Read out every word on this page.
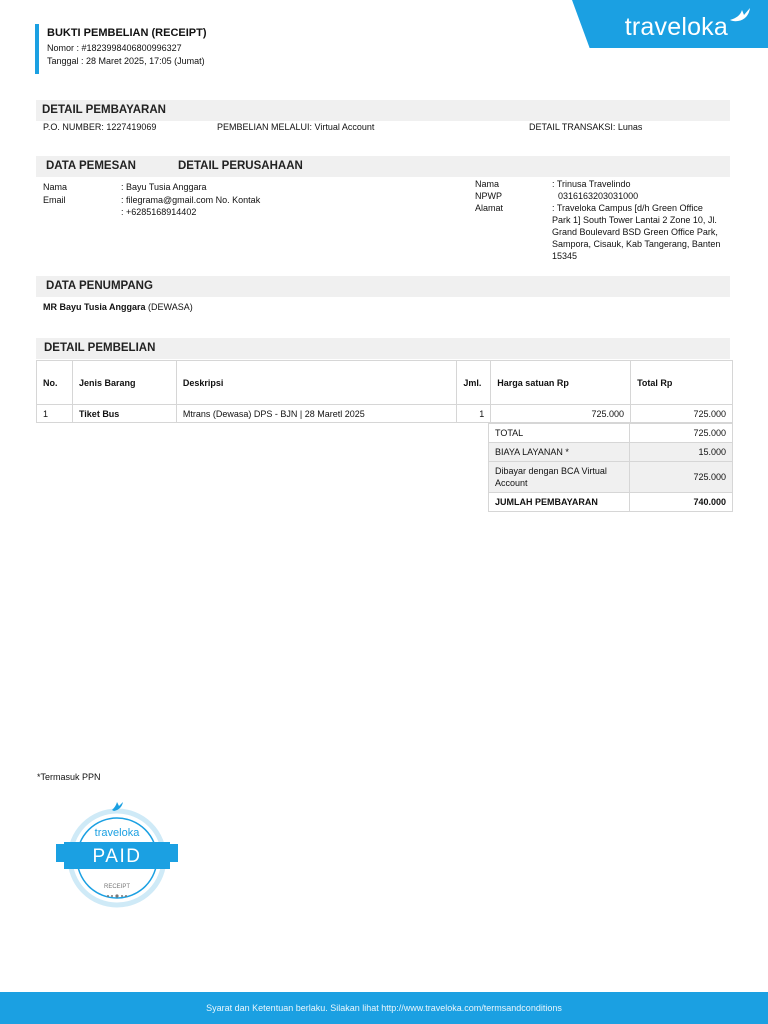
BUKTI PEMBELIAN (RECEIPT)
Nomor : #1823998406800996327
Tanggal : 28 Maret 2025, 17:05 (Jumat)
traveloka
DETAIL PEMBAYARAN
P.O. NUMBER: 1227419069	PEMBELIAN MELALUI: Virtual Account	DETAIL TRANSAKSI: Lunas
DATA PEMESAN	DETAIL PERUSAHAAN
Nama	: Bayu Tusia Anggara
Email	: filegrama@gmail.com No. Kontak
: +6285168914402
Nama	: Trinusa Travelindo
NPWP	0316163203031000
Alamat	: Traveloka Campus [d/h Green Office Park 1] South Tower Lantai 2 Zone 10, Jl. Grand Boulevard BSD Green Office Park, Sampora, Cisauk, Kab Tangerang, Banten 15345
DATA PENUMPANG
MR Bayu Tusia Anggara (DEWASA)
DETAIL PEMBELIAN
No.	Jenis Barang	Deskripsi	Jml.	Harga satuan Rp	Total Rp
1	Tiket Bus	Mtrans (Dewasa) DPS - BJN | 28 Maretl 2025	1	725.000	725.000
TOTAL	725.000
BIAYA LAYANAN *	15.000
Dibayar dengan BCA Virtual Account	725.000
JUMLAH PEMBAYARAN	740.000
*Termasuk PPN
traveloka
PAID
RECEIPT
Syarat dan Ketentuan berlaku. Silakan lihat http://www.traveloka.com/termsandconditions
